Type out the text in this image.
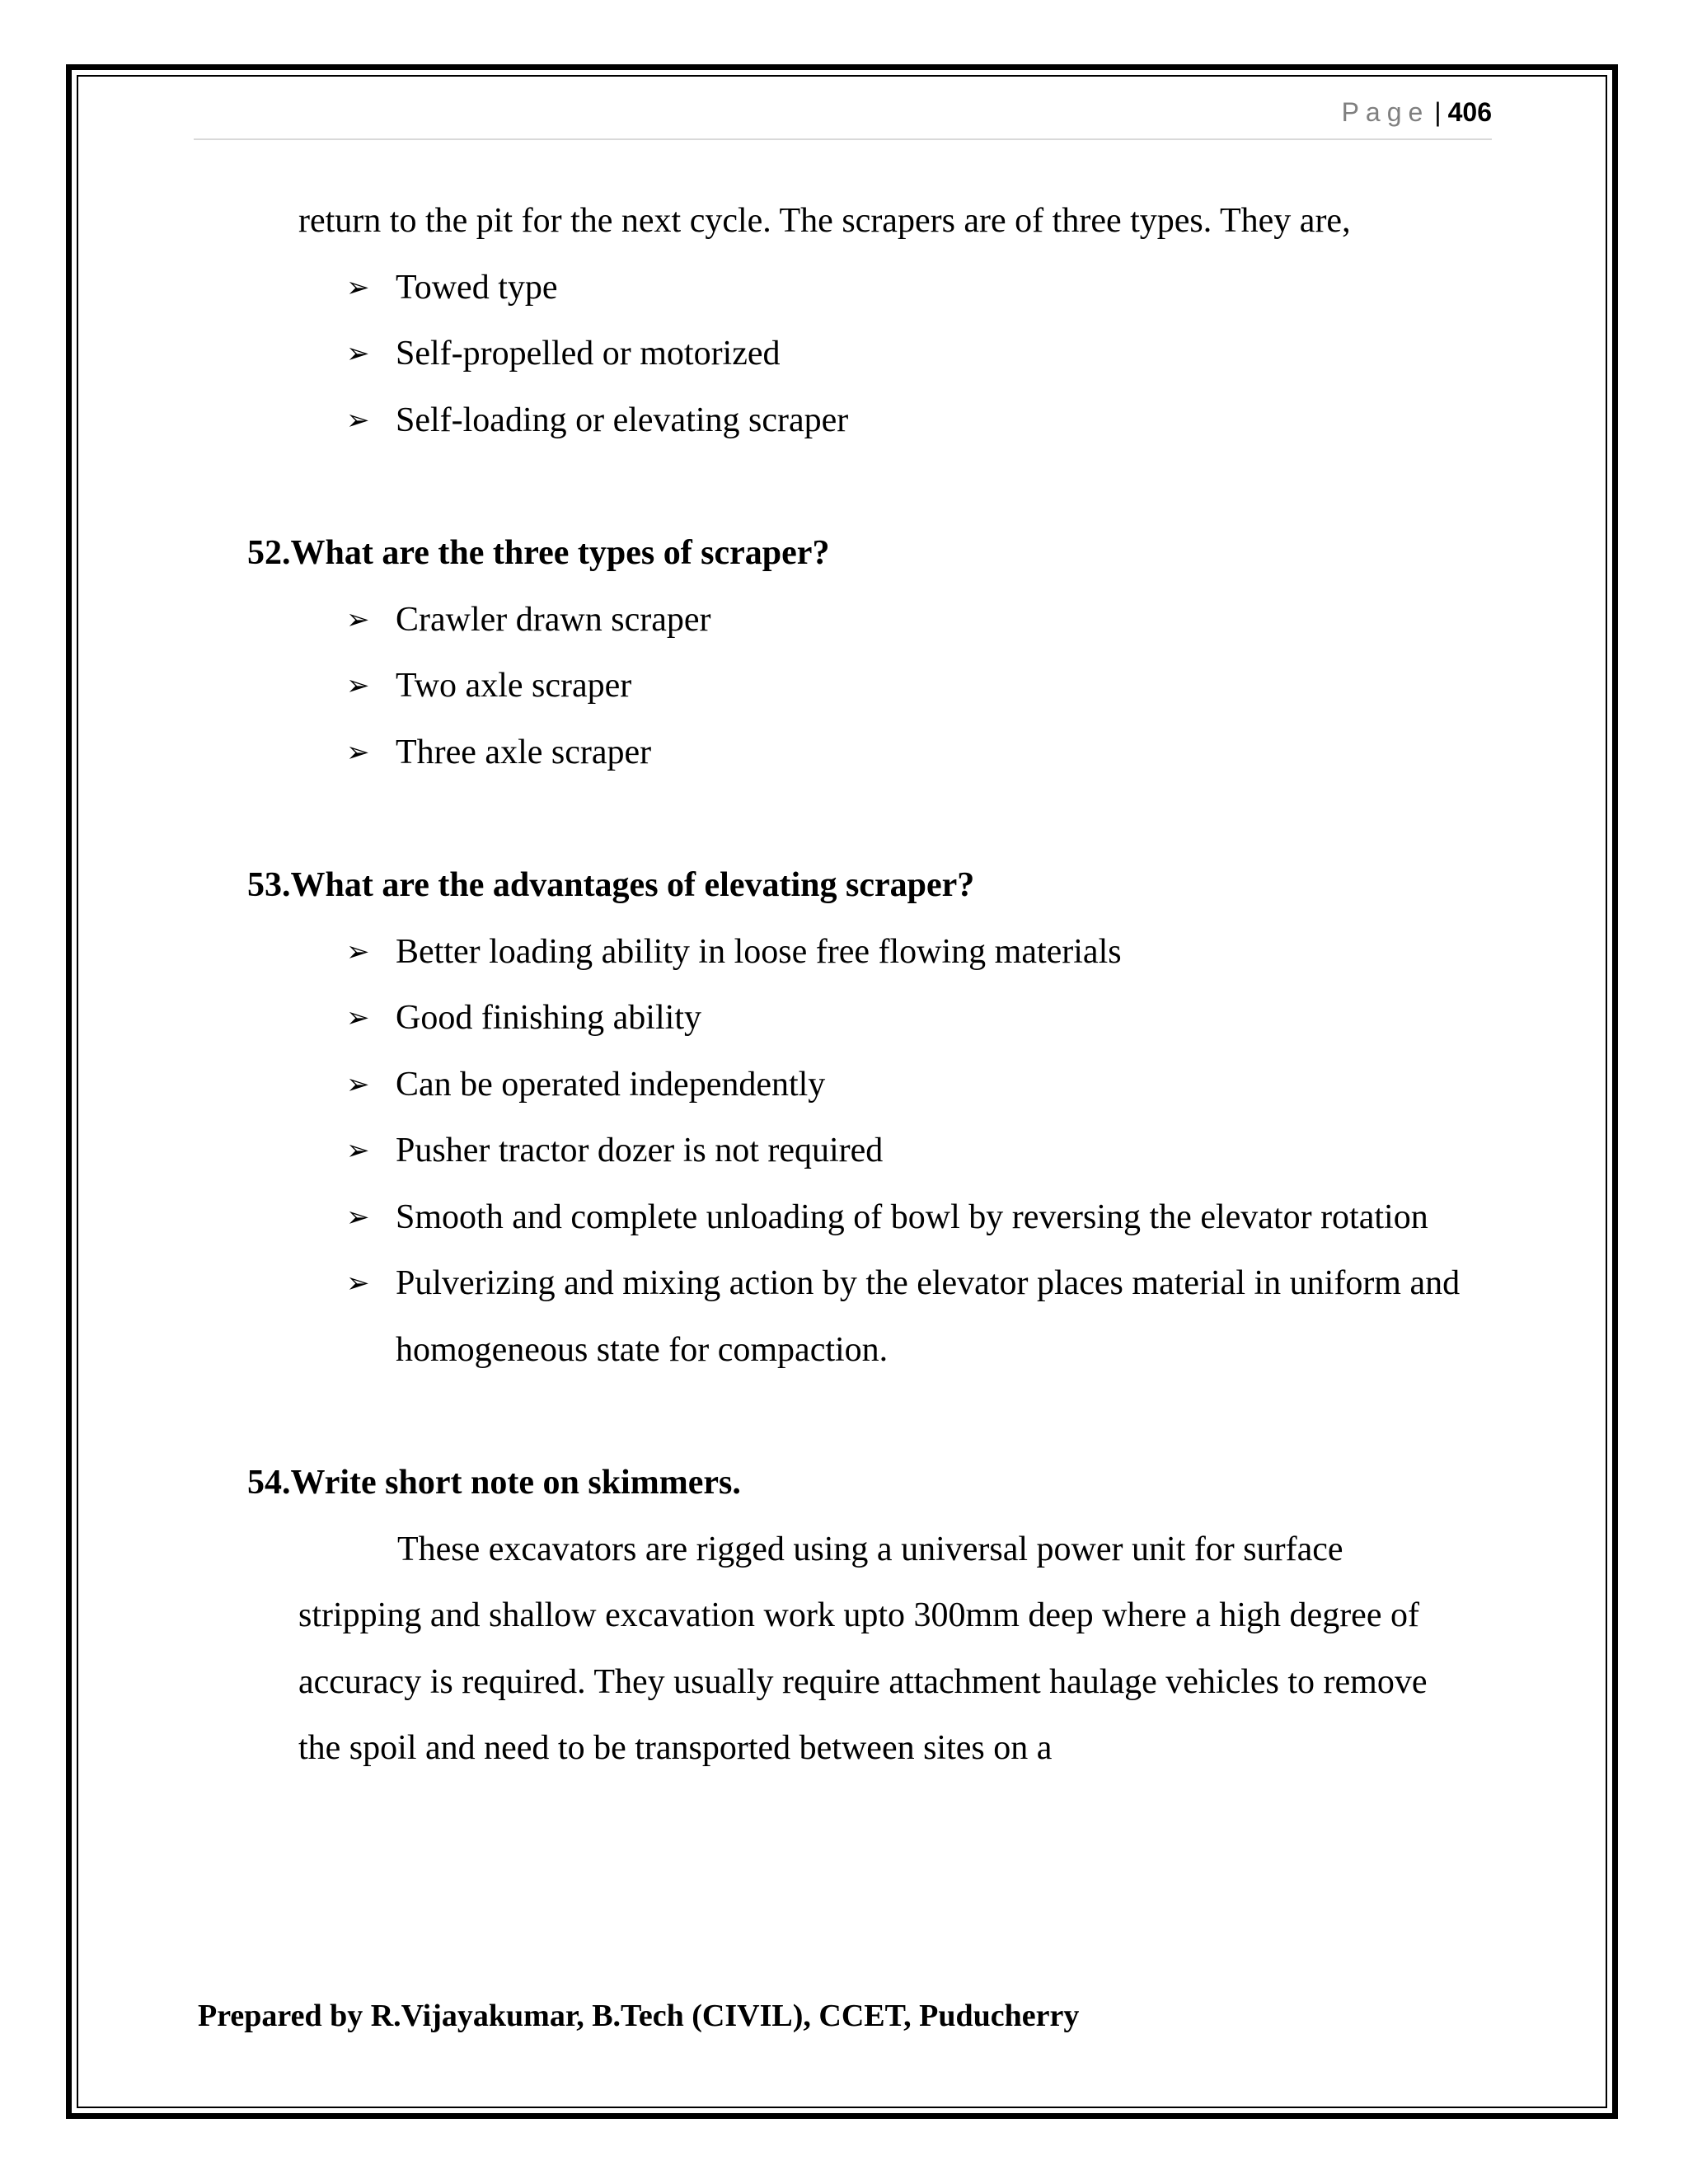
Page | 406

return to the pit for the next cycle. The scrapers are of three types. They are,

➢ Towed type
➢ Self-propelled or motorized
➢ Self-loading or elevating scraper

52.What are the three types of scraper?

➢ Crawler drawn scraper
➢ Two axle scraper
➢ Three axle scraper

53.What are the advantages of elevating scraper?

➢ Better loading ability in loose free flowing materials
➢ Good finishing ability
➢ Can be operated independently
➢ Pusher tractor dozer is not required
➢ Smooth and complete unloading of bowl by reversing the elevator rotation
➢ Pulverizing and mixing action by the elevator places material in uniform and homogeneous state for compaction.

54.Write short note on skimmers.

These excavators are rigged using a universal power unit for surface stripping and shallow excavation work upto 300mm deep where a high degree of accuracy is required. They usually require attachment haulage vehicles to remove the spoil and need to be transported between sites on a

Prepared by R.Vijayakumar, B.Tech (CIVIL), CCET, Puducherry
